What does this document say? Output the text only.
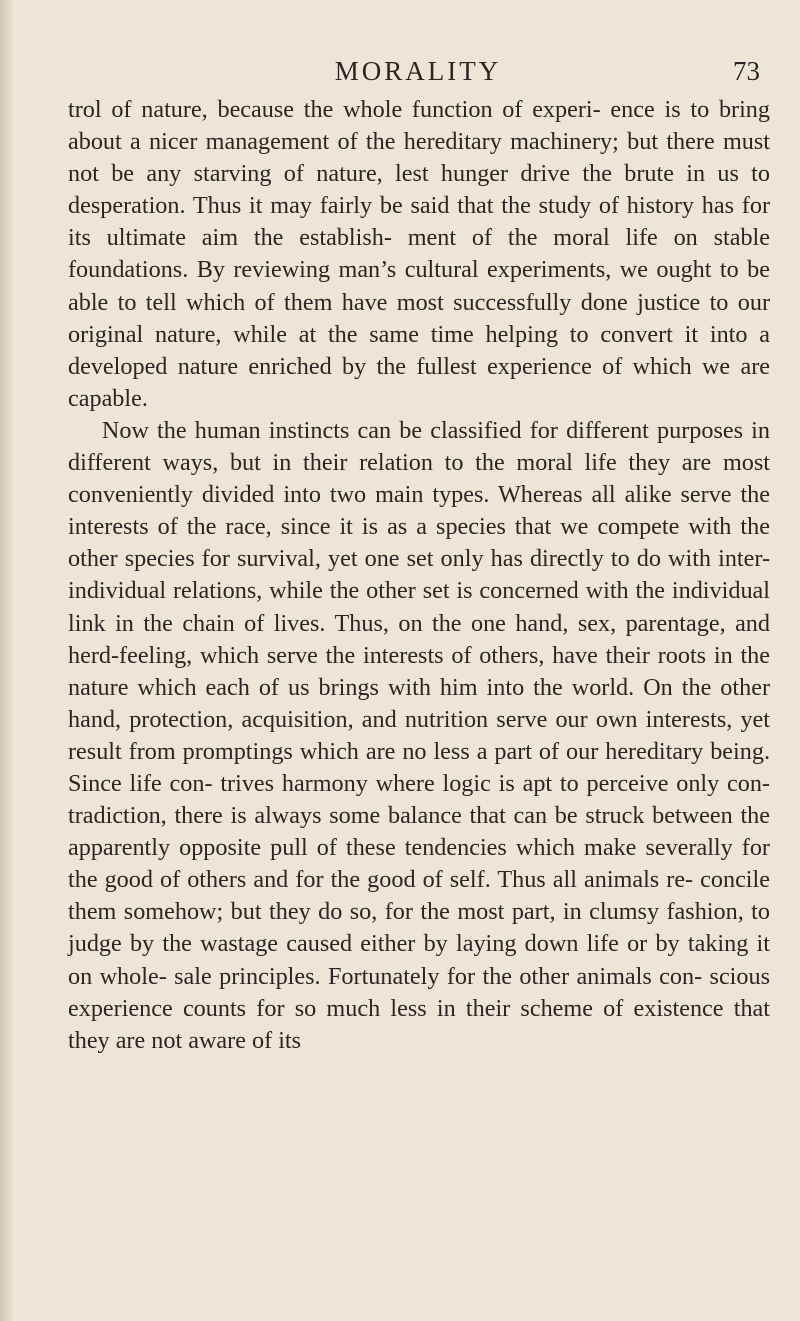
MORALITY	73

trol of nature, because the whole function of experi- ence is to bring about a nicer management of the hereditary machinery; but there must not be any starving of nature, lest hunger drive the brute in us to desperation. Thus it may fairly be said that the study of history has for its ultimate aim the establish- ment of the moral life on stable foundations. By reviewing man’s cultural experiments, we ought to be able to tell which of them have most successfully done justice to our original nature, while at the same time helping to convert it into a developed nature enriched by the fullest experience of which we are capable.

Now the human instincts can be classified for different purposes in different ways, but in their relation to the moral life they are most conveniently divided into two main types. Whereas all alike serve the interests of the race, since it is as a species that we compete with the other species for survival, yet one set only has directly to do with inter-individual relations, while the other set is concerned with the individual link in the chain of lives. Thus, on the one hand, sex, parentage, and herd-feeling, which serve the interests of others, have their roots in the nature which each of us brings with him into the world. On the other hand, protection, acquisition, and nutrition serve our own interests, yet result from promptings which are no less a part of our hereditary being. Since life con- trives harmony where logic is apt to perceive only con- tradiction, there is always some balance that can be struck between the apparently opposite pull of these tendencies which make severally for the good of others and for the good of self. Thus all animals re- concile them somehow; but they do so, for the most part, in clumsy fashion, to judge by the wastage caused either by laying down life or by taking it on whole- sale principles. Fortunately for the other animals con- scious experience counts for so much less in their scheme of existence that they are not aware of its
